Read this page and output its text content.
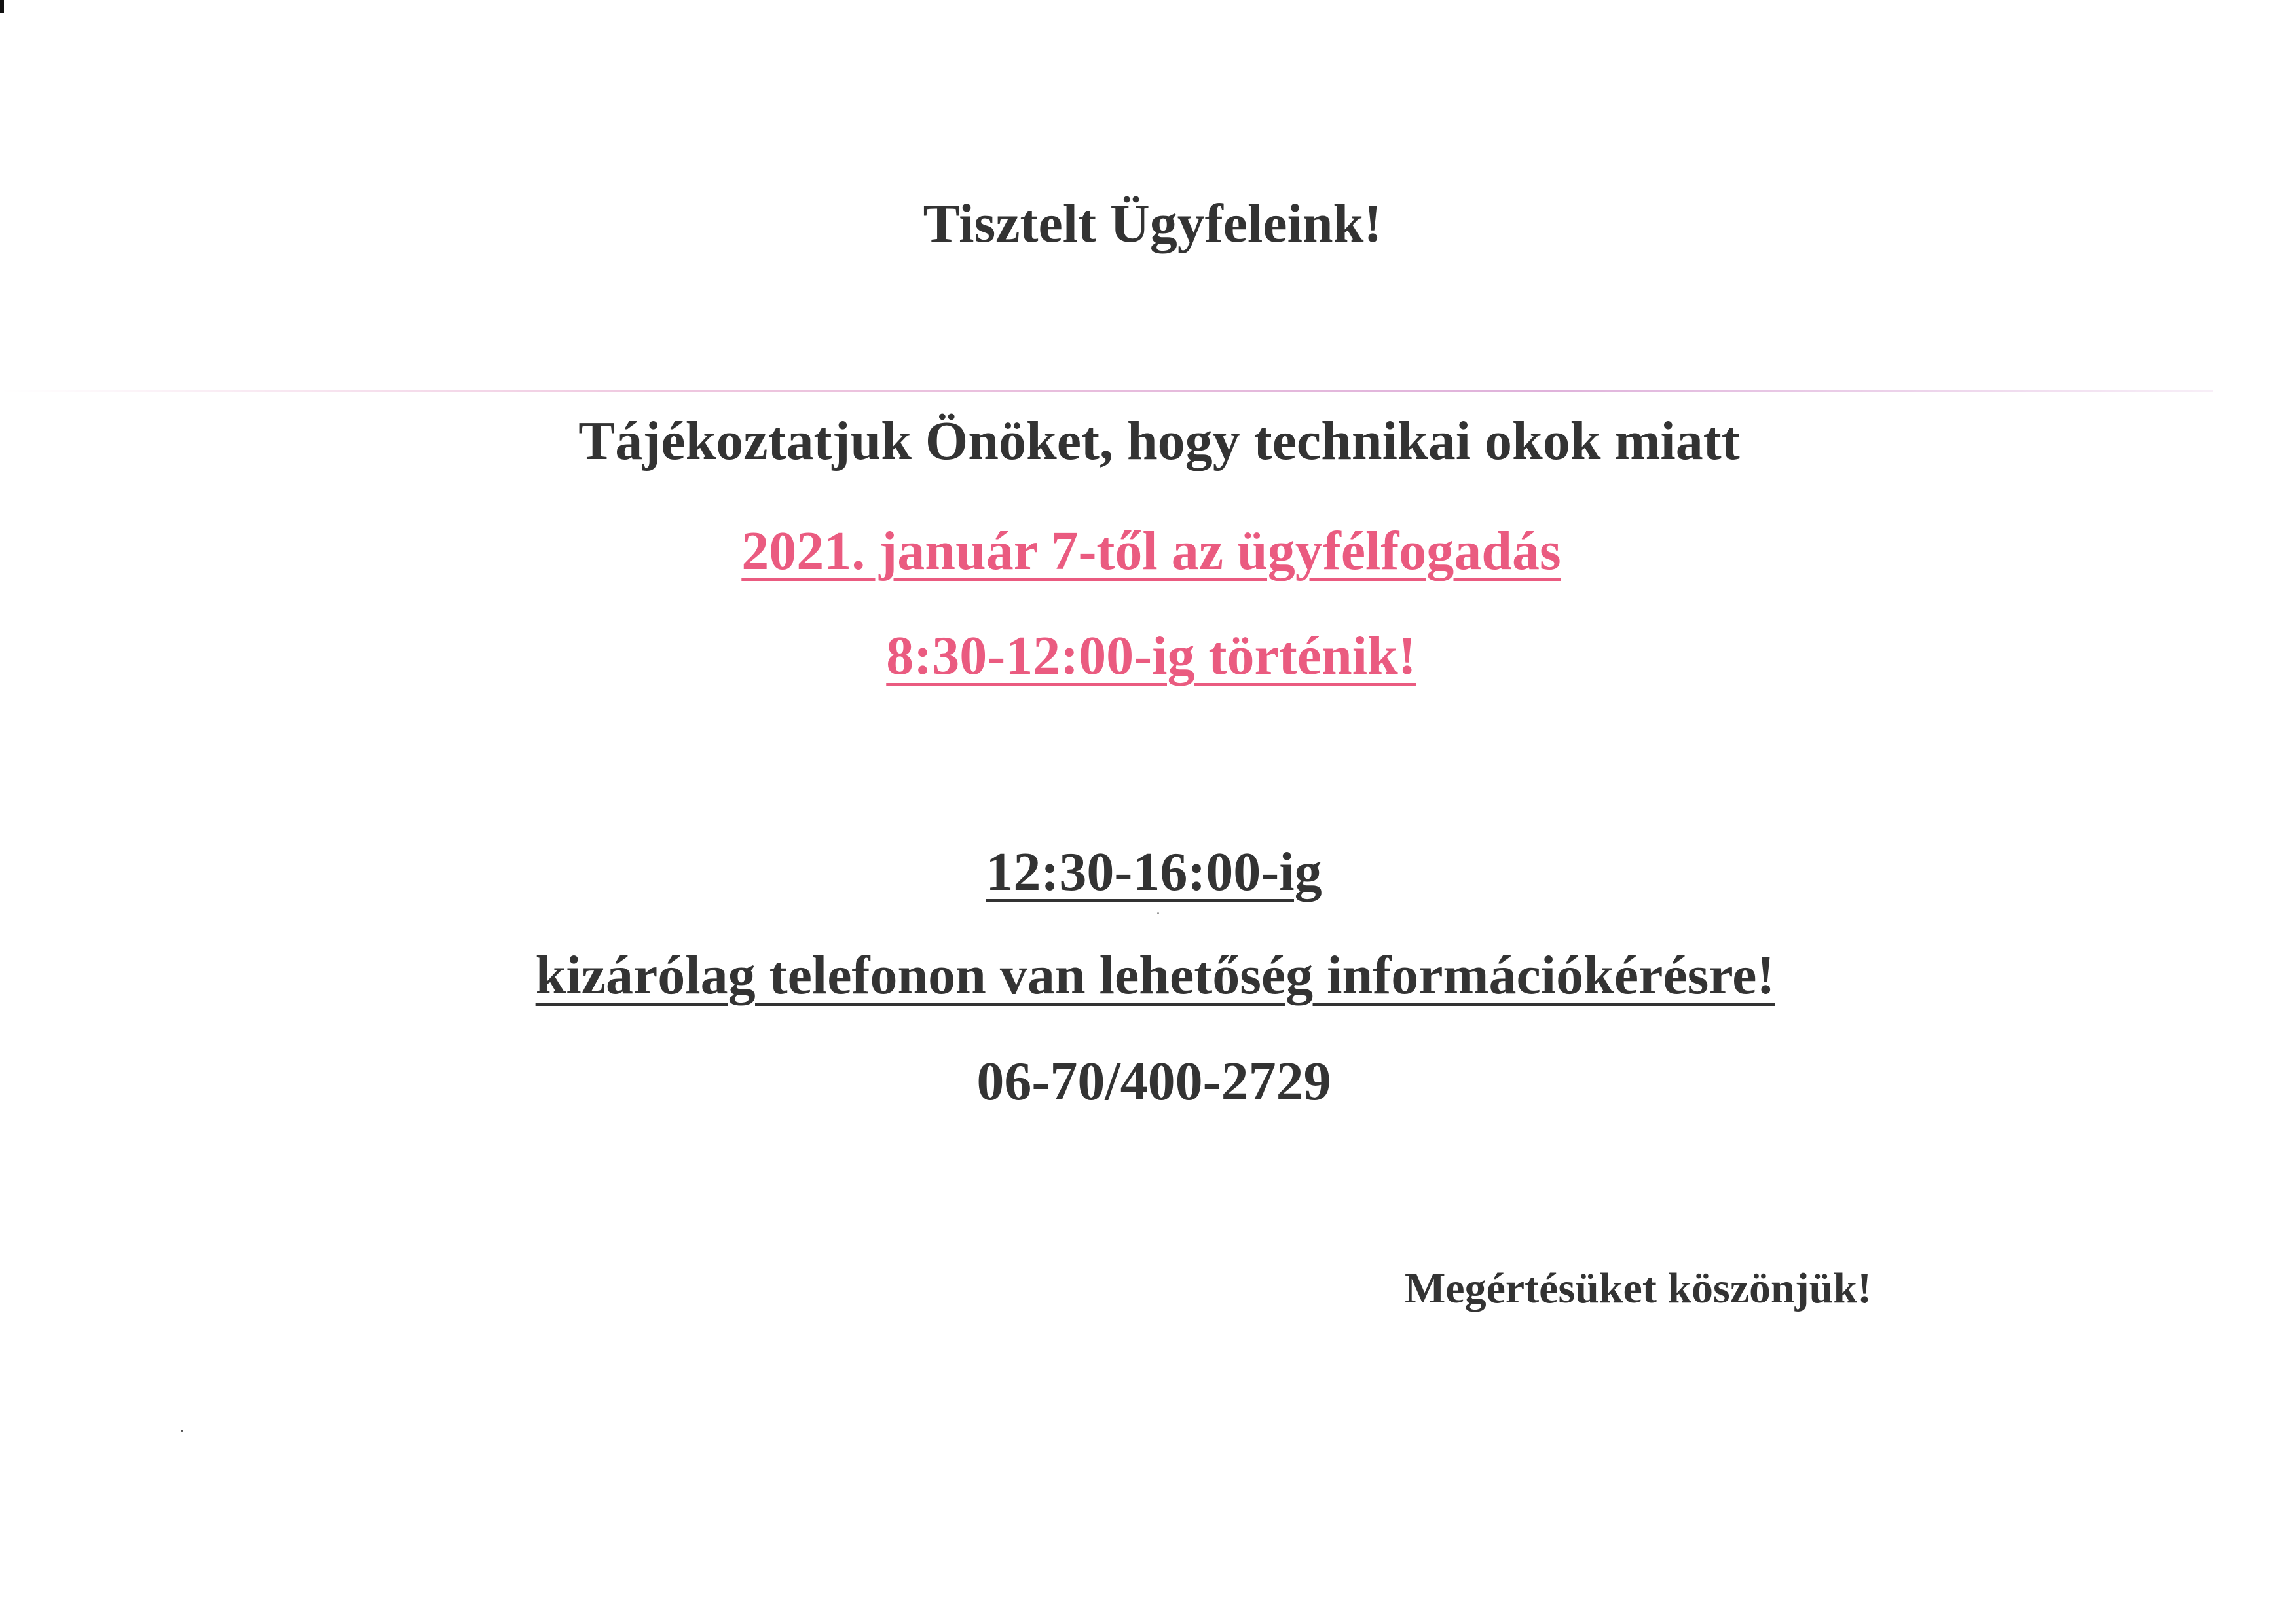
Tisztelt Ügyfeleink!
Tájékoztatjuk Önöket, hogy technikai okok miatt
2021. január 7-től az ügyfélfogadás
8:30-12:00-ig történik!
12:30-16:00-ig
kizárólag telefonon van lehetőség információkérésre!
06-70/400-2729
Megértésüket köszönjük!
